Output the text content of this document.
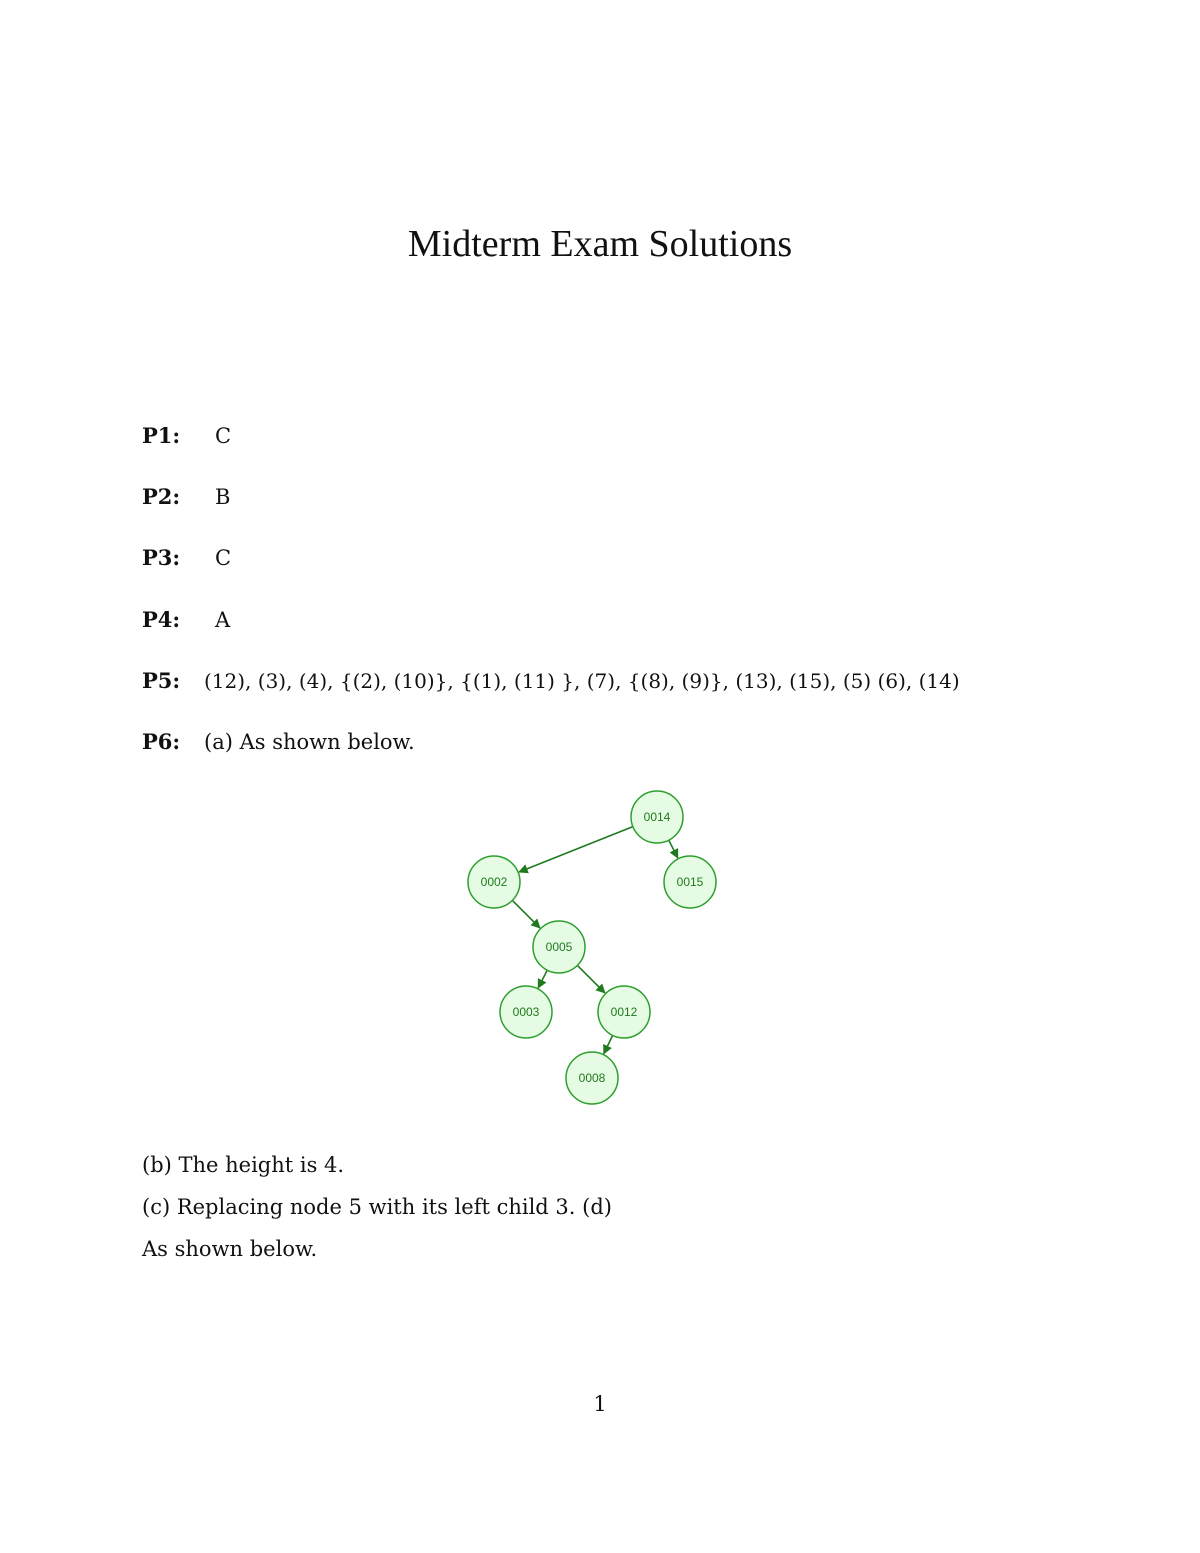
Midterm Exam Solutions
P1: C
P2: B
P3: C
P4: A
P5: (12), (3), (4), {(2), (10)}, {(1), (11) }, (7), {(8), (9)}, (13), (15), (5) (6), (14)
P6: (a) As shown below.
0014
0002	0015
0005
0003	0012
0008
(b) The height is 4.
(c) Replacing node 5 with its left child 3. (d)
As shown below.
1
